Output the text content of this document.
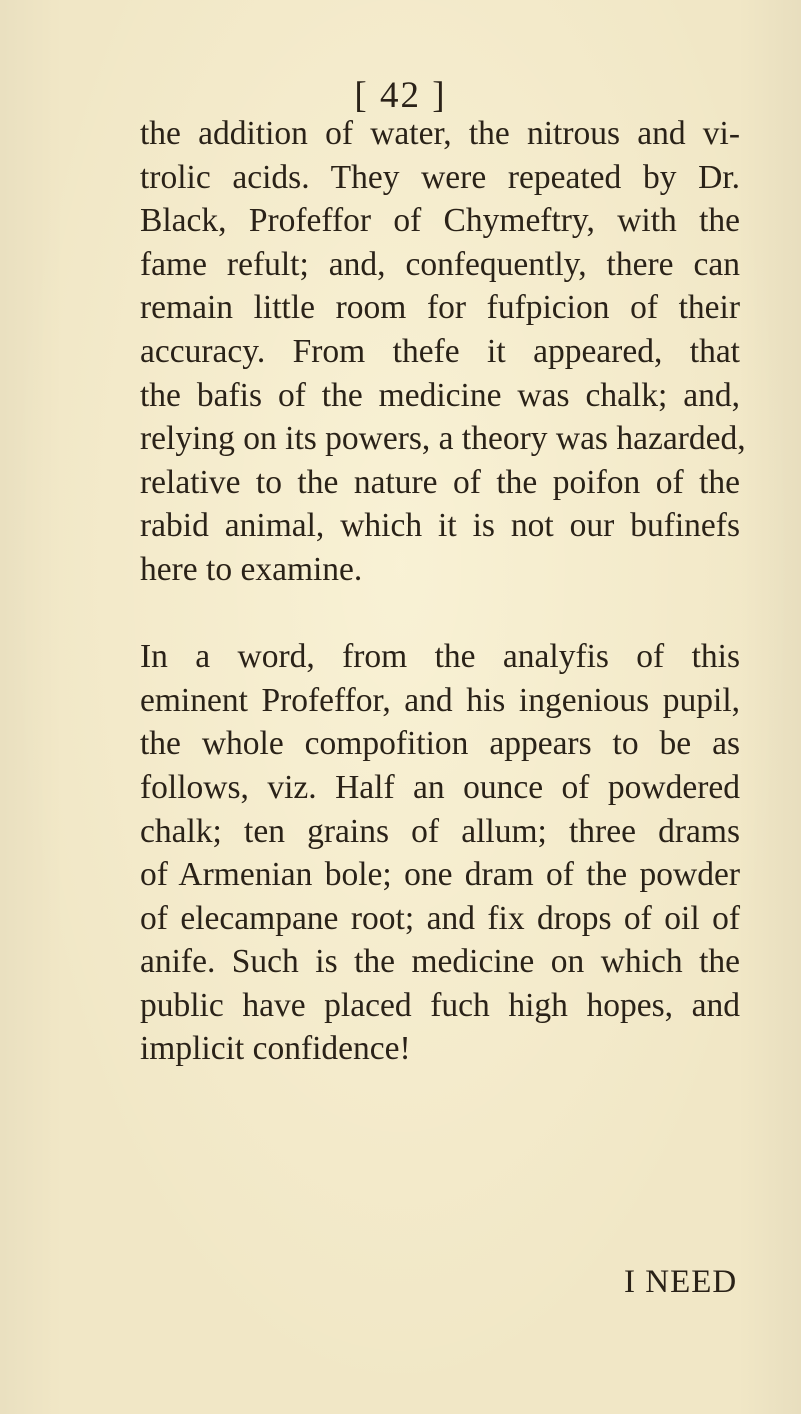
[ 42 ]
the addition of water, the nitrous and vi-
trolic acids. They were repeated by Dr.
Black, Profeffor of Chymeftry, with the
fame refult; and, confequently, there can
remain little room for fufpicion of their
accuracy. From thefe it appeared, that
the bafis of the medicine was chalk; and,
relying on its powers, a theory was hazarded,
relative to the nature of the poifon of the
rabid animal, which it is not our bufinefs
here to examine.
In a word, from the analyfis of this
eminent Profeffor, and his ingenious pupil,
the whole compofition appears to be as
follows, viz. Half an ounce of powdered
chalk; ten grains of allum; three drams
of Armenian bole; one dram of the powder
of elecampane root; and fix drops of oil of
anife. Such is the medicine on which the
public have placed fuch high hopes, and
implicit confidence!
I NEED
